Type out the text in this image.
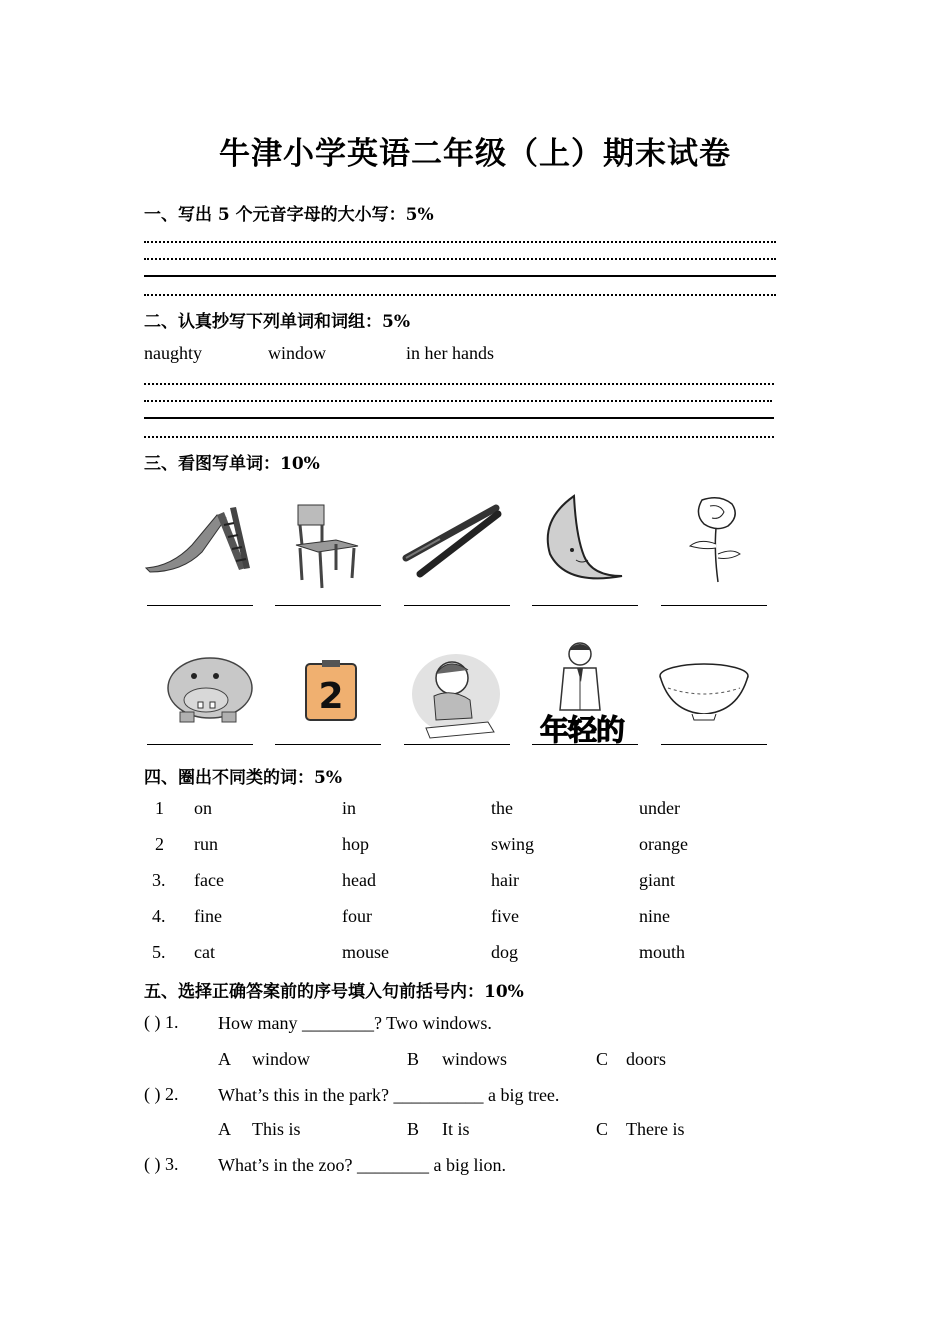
牛津小学英语二年级（上）期末试卷
一、写出 5 个元音字母的大小写：5%
二、认真抄写下列单词和词组：5%
naughty	window	in her hands
三、看图写单词：10%
2
年轻的
四、圈出不同类的词：5%
1 on	in	the	under
2 run	hop	swing	orange
3. face	head	hair	giant
4. fine	four	five	nine
5. cat	mouse	dog	mouth
五、选择正确答案前的序号填入句前括号内：10%
( ) 1. How many ________? Two windows.
A window	B windows	C doors
( ) 2. What’s this in the park? __________ a big tree.
A This is	B It is	C There is
( ) 3. What’s in the zoo? ________ a big lion.
